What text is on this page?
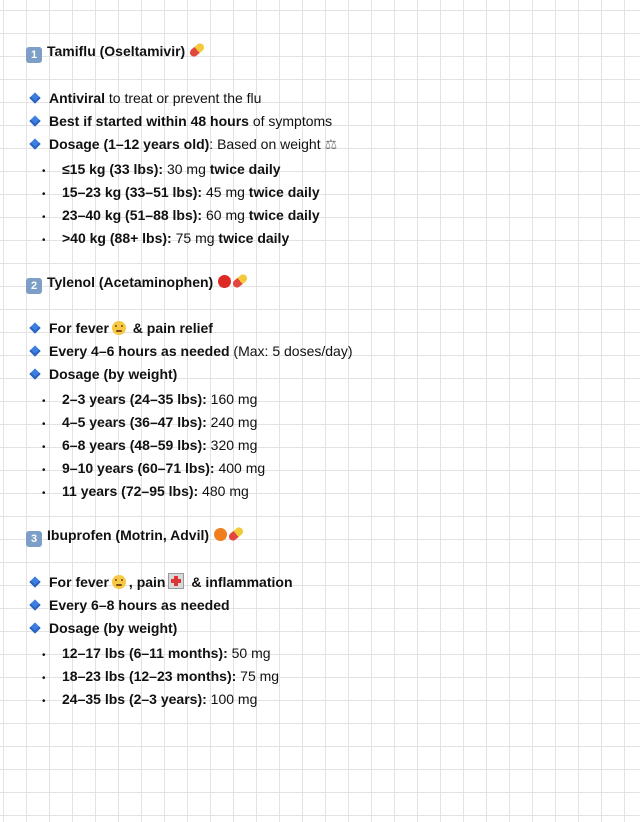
1 Tamiflu (Oseltamivir)
Antiviral to treat or prevent the flu
Best if started within 48 hours of symptoms
Dosage (1–12 years old): Based on weight ⚖
• ≤15 kg (33 lbs): 30 mg twice daily
• 15–23 kg (33–51 lbs): 45 mg twice daily
• 23–40 kg (51–88 lbs): 60 mg twice daily
• >40 kg (88+ lbs): 75 mg twice daily
2 Tylenol (Acetaminophen)
For fever & pain relief
Every 4–6 hours as needed (Max: 5 doses/day)
Dosage (by weight)
• 2–3 years (24–35 lbs): 160 mg
• 4–5 years (36–47 lbs): 240 mg
• 6–8 years (48–59 lbs): 320 mg
• 9–10 years (60–71 lbs): 400 mg
• 11 years (72–95 lbs): 480 mg
3 Ibuprofen (Motrin, Advil)
For fever , pain & inflammation
Every 6–8 hours as needed
Dosage (by weight)
• 12–17 lbs (6–11 months): 50 mg
• 18–23 lbs (12–23 months): 75 mg
• 24–35 lbs (2–3 years): 100 mg
